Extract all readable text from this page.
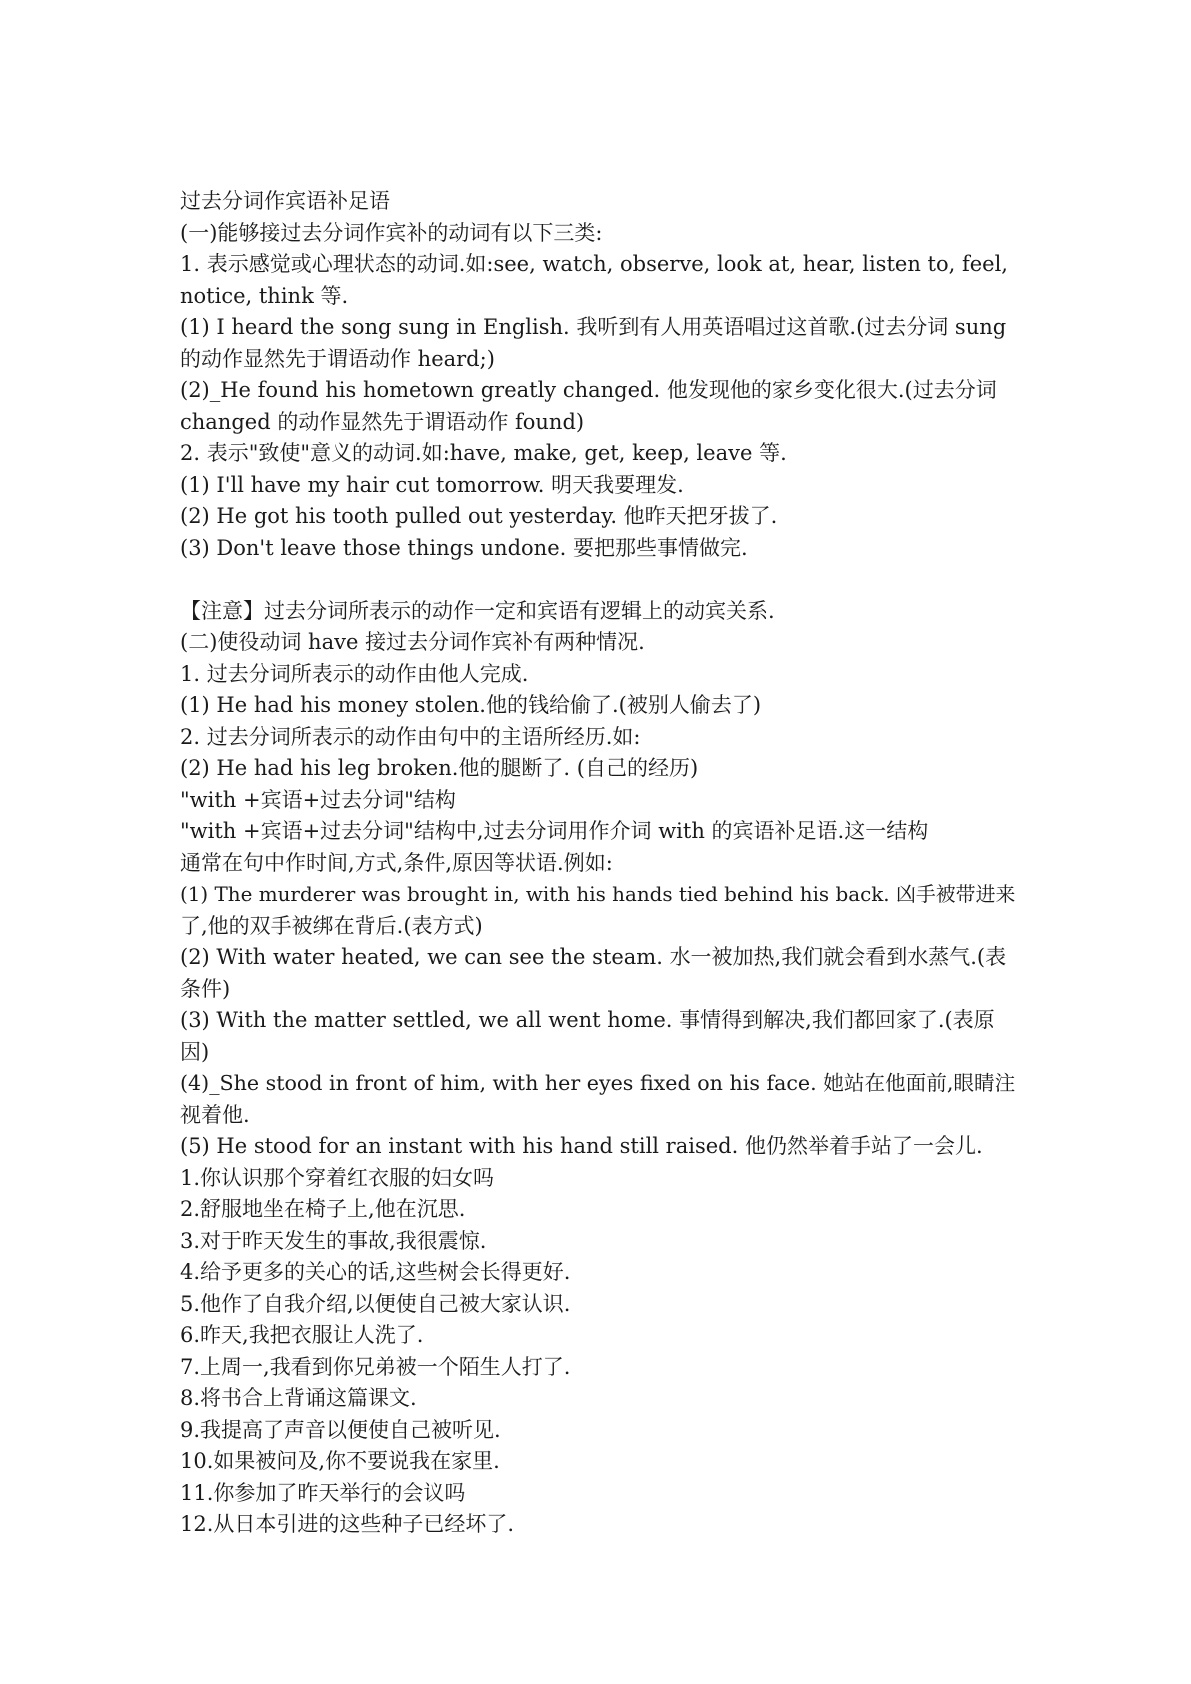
过去分词作宾语补足语

(一)能够接过去分词作宾补的动词有以下三类:

1. 表示感觉或心理状态的动词.如:see, watch, observe, look at, hear, listen to, feel,

notice, think 等.

(1) I heard the song sung in English. 我听到有人用英语唱过这首歌.(过去分词 sung

的动作显然先于谓语动作 heard;)

(2)_He found his hometown greatly changed. 他发现他的家乡变化很大.(过去分词

changed 的动作显然先于谓语动作 found)

2. 表示"致使"意义的动词.如:have, make, get, keep, leave 等.

(1) I'll have my hair cut tomorrow. 明天我要理发.

(2) He got his tooth pulled out yesterday. 他昨天把牙拔了.

(3) Don't leave those things undone. 要把那些事情做完.

【注意】过去分词所表示的动作一定和宾语有逻辑上的动宾关系.

(二)使役动词 have 接过去分词作宾补有两种情况.

1. 过去分词所表示的动作由他人完成.

(1) He had his money stolen.他的钱给偷了.(被别人偷去了)

2. 过去分词所表示的动作由句中的主语所经历.如:

(2) He had his leg broken.他的腿断了. (自己的经历)

"with +宾语+过去分词"结构

"with +宾语+过去分词"结构中,过去分词用作介词 with 的宾语补足语.这一结构

通常在句中作时间,方式,条件,原因等状语.例如:

(1) The murderer was brought in, with his hands tied behind his back. 凶手被带进来

了,他的双手被绑在背后.(表方式)

(2) With water heated, we can see the steam. 水一被加热,我们就会看到水蒸气.(表

条件)

(3) With the matter settled, we all went home. 事情得到解决,我们都回家了.(表原

因)

(4)_She stood in front of him, with her eyes fixed on his face. 她站在他面前,眼睛注

视着他.

(5) He stood for an instant with his hand still raised. 他仍然举着手站了一会儿.

1.你认识那个穿着红衣服的妇女吗

2.舒服地坐在椅子上,他在沉思.

3.对于昨天发生的事故,我很震惊.

4.给予更多的关心的话,这些树会长得更好.

5.他作了自我介绍,以便使自己被大家认识.

6.昨天,我把衣服让人洗了.

7.上周一,我看到你兄弟被一个陌生人打了.

8.将书合上背诵这篇课文.

9.我提高了声音以便使自己被听见.

10.如果被问及,你不要说我在家里.

11.你参加了昨天举行的会议吗

12.从日本引进的这些种子已经坏了.
